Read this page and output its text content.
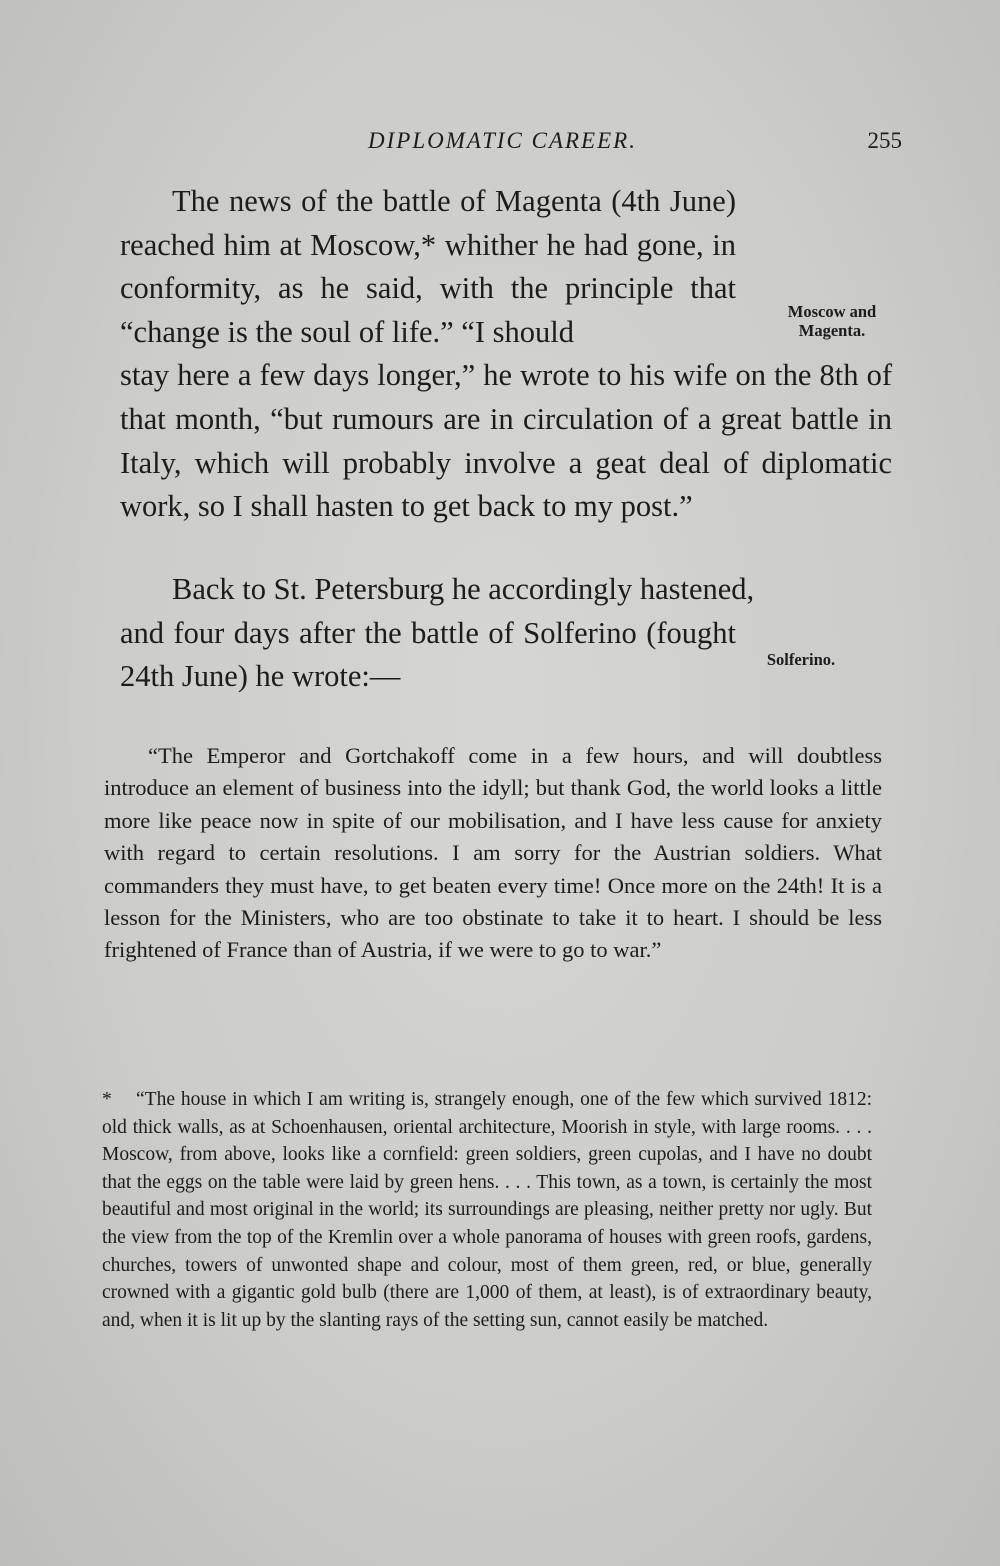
DIPLOMATIC CAREER.	255

The news of the battle of Magenta (4th June) reached him at Moscow,* whither he had gone, in conformity, as he said, with the principle that “change is the soul of life.” “I should

stay here a few days longer,” he wrote to his wife on the 8th of that month, “but rumours are in circulation of a great battle in Italy, which will probably involve a geat deal of diplomatic work, so I shall hasten to get back to my post.”

Moscow and Magenta.

Back to St. Petersburg he accordingly hastened,

and four days after the battle of Solferino (fought 24th June) he wrote:—	Solferino.

“The Emperor and Gortchakoff come in a few hours, and will doubtless introduce an element of business into the idyll; but thank God, the world looks a little more like peace now in spite of our mobilisation, and I have less cause for anxiety with regard to certain resolutions. I am sorry for the Austrian soldiers. What commanders they must have, to get beaten every time! Once more on the 24th! It is a lesson for the Ministers, who are too obstinate to take it to heart. I should be less frightened of France than of Austria, if we were to go to war.”

* “The house in which I am writing is, strangely enough, one of the few which survived 1812: old thick walls, as at Schoenhausen, oriental architecture, Moorish in style, with large rooms. . . . Moscow, from above, looks like a cornfield: green soldiers, green cupolas, and I have no doubt that the eggs on the table were laid by green hens. . . . This town, as a town, is certainly the most beautiful and most original in the world; its surroundings are pleasing, neither pretty nor ugly. But the view from the top of the Kremlin over a whole panorama of houses with green roofs, gardens, churches, towers of unwonted shape and colour, most of them green, red, or blue, generally crowned with a gigantic gold bulb (there are 1,000 of them, at least), is of extraordinary beauty, and, when it is lit up by the slanting rays of the setting sun, cannot easily be matched.
